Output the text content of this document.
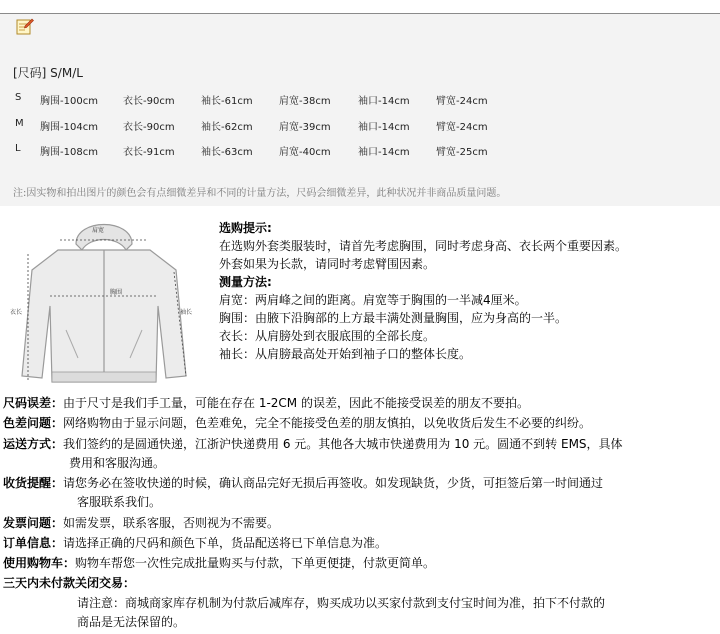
[尺码] S/M/L
S 胸围-100cm	衣长-90cm	袖长-61cm	肩宽-38cm	袖口-14cm	臂宽-24cm
M 胸围-104cm	衣长-90cm	袖长-62cm	肩宽-39cm	袖口-14cm	臂宽-24cm
L 胸围-108cm	衣长-91cm	袖长-63cm	肩宽-40cm	袖口-14cm	臂宽-25cm
注:因实物和拍出图片的颜色会有点细微差异和不同的计量方法，尺码会细微差异，此种状况并非商品质量问题。
肩宽
胸围
衣长	袖长
选购提示:
在选购外套类服装时，请首先考虑胸围，同时考虑身高、衣长两个重要因素。
外套如果为长款，请同时考虑臂围因素。
测量方法:
肩宽：两肩峰之间的距离。肩宽等于胸围的一半减4厘米。
胸围：由腋下沿胸部的上方最丰满处测量胸围，应为身高的一半。
衣长：从肩膀处到衣服底围的全部长度。
袖长：从肩膀最高处开始到袖子口的整体长度。
尺码误差：由于尺寸是我们手工量，可能在存在 1-2CM 的误差，因此不能接受误差的朋友不要拍。
色差问题：网络购物由于显示问题，色差难免，完全不能接受色差的朋友慎拍，以免收货后发生不必要的纠纷。
运送方式：我们签约的是圆通快递，江浙沪快递费用 6 元。其他各大城市快递费用为 10 元。圆通不到转 EMS，具体
费用和客服沟通。
收货提醒：请您务必在签收快递的时候，确认商品完好无损后再签收。如发现缺货，少货，可拒签后第一时间通过
客服联系我们。
发票问题：如需发票，联系客服，否则视为不需要。
订单信息：请选择正确的尺码和颜色下单，货品配送将已下单信息为准。
使用购物车：购物车帮您一次性完成批量购买与付款，下单更便捷，付款更简单。
三天内未付款关闭交易：
请注意：商城商家库存机制为付款后减库存，购买成功以买家付款到支付宝时间为准，拍下不付款的
商品是无法保留的。
